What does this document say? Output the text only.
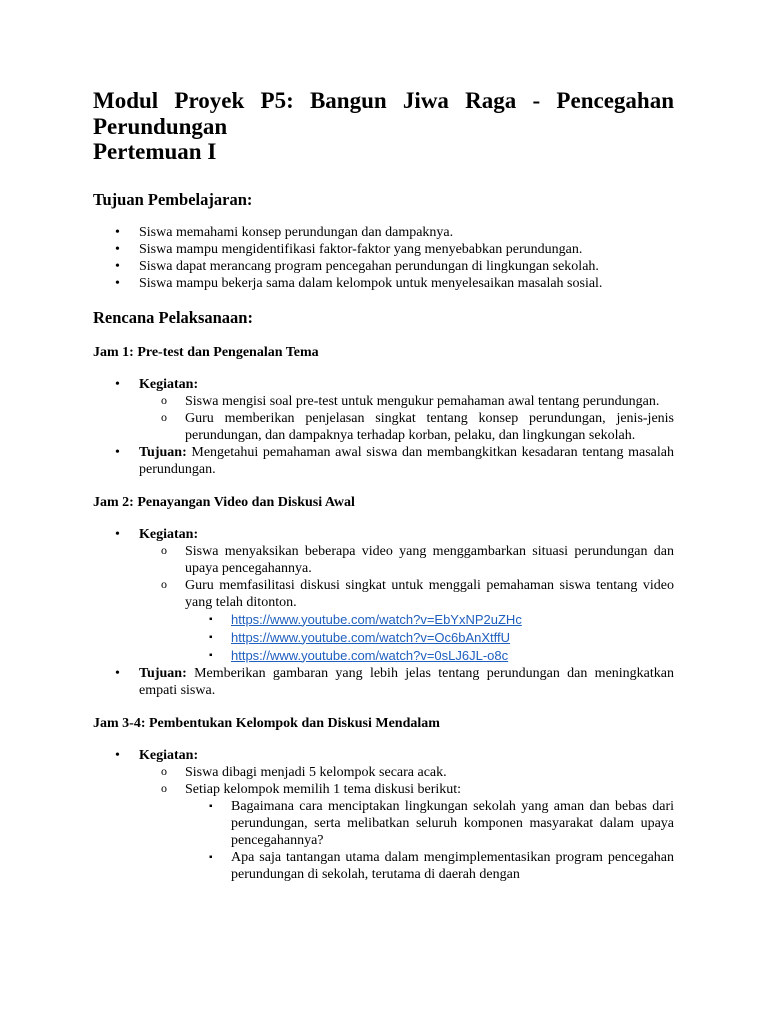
Modul Proyek P5: Bangun Jiwa Raga - Pencegahan
Perundungan
Pertemuan I
Tujuan Pembelajaran:
• Siswa memahami konsep perundungan dan dampaknya.
• Siswa mampu mengidentifikasi faktor-faktor yang menyebabkan perundungan.
• Siswa dapat merancang program pencegahan perundungan di lingkungan sekolah.
• Siswa mampu bekerja sama dalam kelompok untuk menyelesaikan masalah sosial.
Rencana Pelaksanaan:
Jam 1: Pre-test dan Pengenalan Tema
• Kegiatan:
o Siswa mengisi soal pre-test untuk mengukur pemahaman awal tentang perundungan.
o Guru memberikan penjelasan singkat tentang konsep perundungan, jenis-jenis perundungan, dan dampaknya terhadap korban, pelaku, dan lingkungan sekolah.
• Tujuan: Mengetahui pemahaman awal siswa dan membangkitkan kesadaran tentang masalah perundungan.
Jam 2: Penayangan Video dan Diskusi Awal
• Kegiatan:
o Siswa menyaksikan beberapa video yang menggambarkan situasi perundungan dan upaya pencegahannya.
o Guru memfasilitasi diskusi singkat untuk menggali pemahaman siswa tentang video yang telah ditonton.
▪ https://www.youtube.com/watch?v=EbYxNP2uZHc
▪ https://www.youtube.com/watch?v=Oc6bAnXtffU
▪ https://www.youtube.com/watch?v=0sLJ6JL-o8c
• Tujuan: Memberikan gambaran yang lebih jelas tentang perundungan dan meningkatkan empati siswa.
Jam 3-4: Pembentukan Kelompok dan Diskusi Mendalam
• Kegiatan:
o Siswa dibagi menjadi 5 kelompok secara acak.
o Setiap kelompok memilih 1 tema diskusi berikut:
▪ Bagaimana cara menciptakan lingkungan sekolah yang aman dan bebas dari perundungan, serta melibatkan seluruh komponen masyarakat dalam upaya pencegahannya?
▪ Apa saja tantangan utama dalam mengimplementasikan program pencegahan perundungan di sekolah, terutama di daerah dengan
